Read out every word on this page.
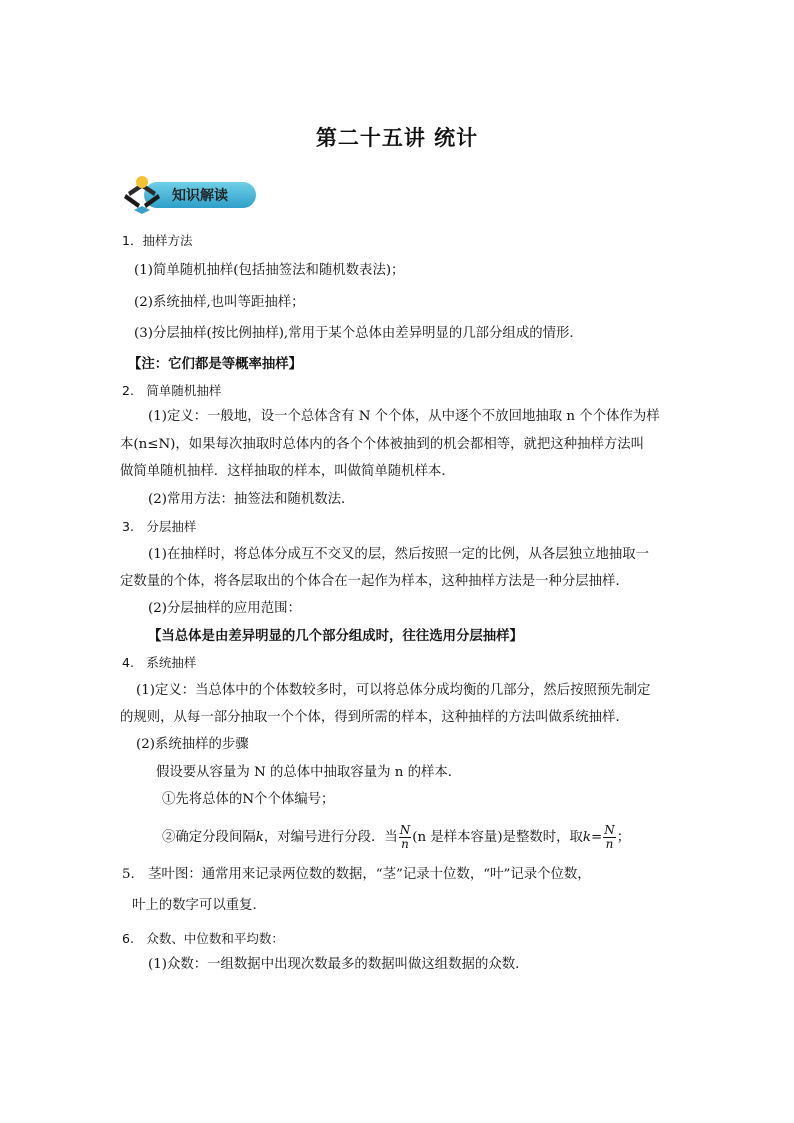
第二十五讲 统计
知识解读
1．抽样方法
(1)简单随机抽样(包括抽签法和随机数表法)；
(2)系统抽样,也叫等距抽样；
(3)分层抽样(按比例抽样),常用于某个总体由差异明显的几部分组成的情形.
【注：它们都是等概率抽样】
2.　简单随机抽样
(1)定义：一般地，设一个总体含有 N 个个体，从中逐个不放回地抽取 n 个个体作为样
本(n≤N)，如果每次抽取时总体内的各个个体被抽到的机会都相等，就把这种抽样方法叫
做简单随机抽样．这样抽取的样本，叫做简单随机样本．
(2)常用方法：抽签法和随机数法．
3.　分层抽样
(1)在抽样时，将总体分成互不交叉的层，然后按照一定的比例，从各层独立地抽取一
定数量的个体，将各层取出的个体合在一起作为样本，这种抽样方法是一种分层抽样．
(2)分层抽样的应用范围：
【当总体是由差异明显的几个部分组成时，往往选用分层抽样】
4.　系统抽样
(1)定义：当总体中的个体数较多时，可以将总体分成均衡的几部分，然后按照预先制定
的规则，从每一部分抽取一个个体，得到所需的样本，这种抽样的方法叫做系统抽样．
(2)系统抽样的步骤
假设要从容量为 N 的总体中抽取容量为 n 的样本．
①先将总体的N个个体编号；
②确定分段间隔k，对编号进行分段．当 $\frac{N}{n} (n$ 是样本容量)是整数时，取$k= \frac{N}{n}$ ；
5.　茎叶图：通常用来记录两位数的数据，“茎”记录十位数，“叶”记录个位数，
叶上的数字可以重复.
6.　众数、中位数和平均数：
(1)众数：一组数据中出现次数最多的数据叫做这组数据的众数.
